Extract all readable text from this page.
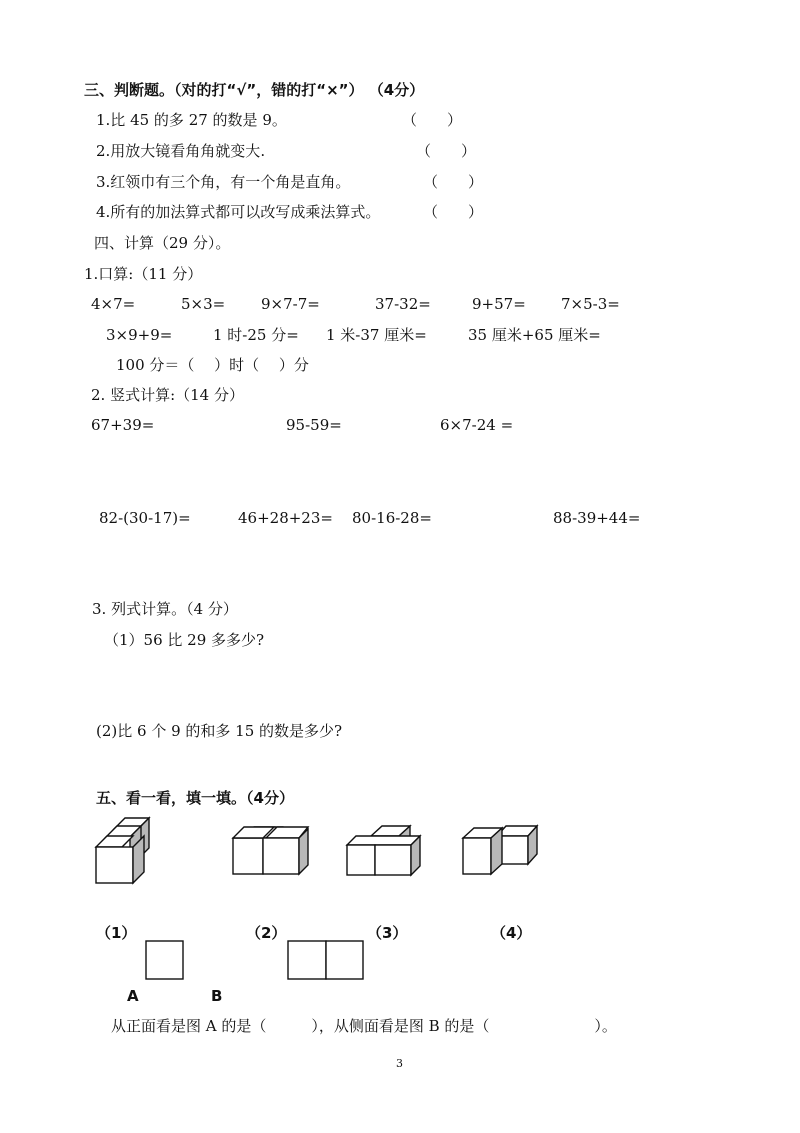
三、判断题。（对的打“√”，错的打“×”） （4分）
1.比 45 的多 27 的数是 9。	（　　）
2.用放大镜看角角就变大.	（　　）
3.红领巾有三个角，有一个角是直角。	（　　）
4.所有的加法算式都可以改写成乘法算式。	（　　）
四、计算（29 分）。
1.口算:（11 分）
4×7=	5×3= 9×7-7=	37-32=	9+57= 7×5-3=
3×9+9=	1 时-25 分= 1 米-37 厘米=	35 厘米+65 厘米=
100 分＝（　 ）时（　 ）分
2. 竖式计算:（14 分）
67+39=	95-59=	6×7-24 =
82-(30-17)=	46+28+23= 80-16-28=	88-39+44=
3. 列式计算。（4 分）
（1）56 比 29 多多少?
(2)比 6 个 9 的和多 15 的数是多少?
五、看一看，填一填。（4分）
（1）	（2）	（3）	（4）
A	B
从正面看是图 A 的是（　　　），从侧面看是图 B 的是（　　　　　　　）。
3
